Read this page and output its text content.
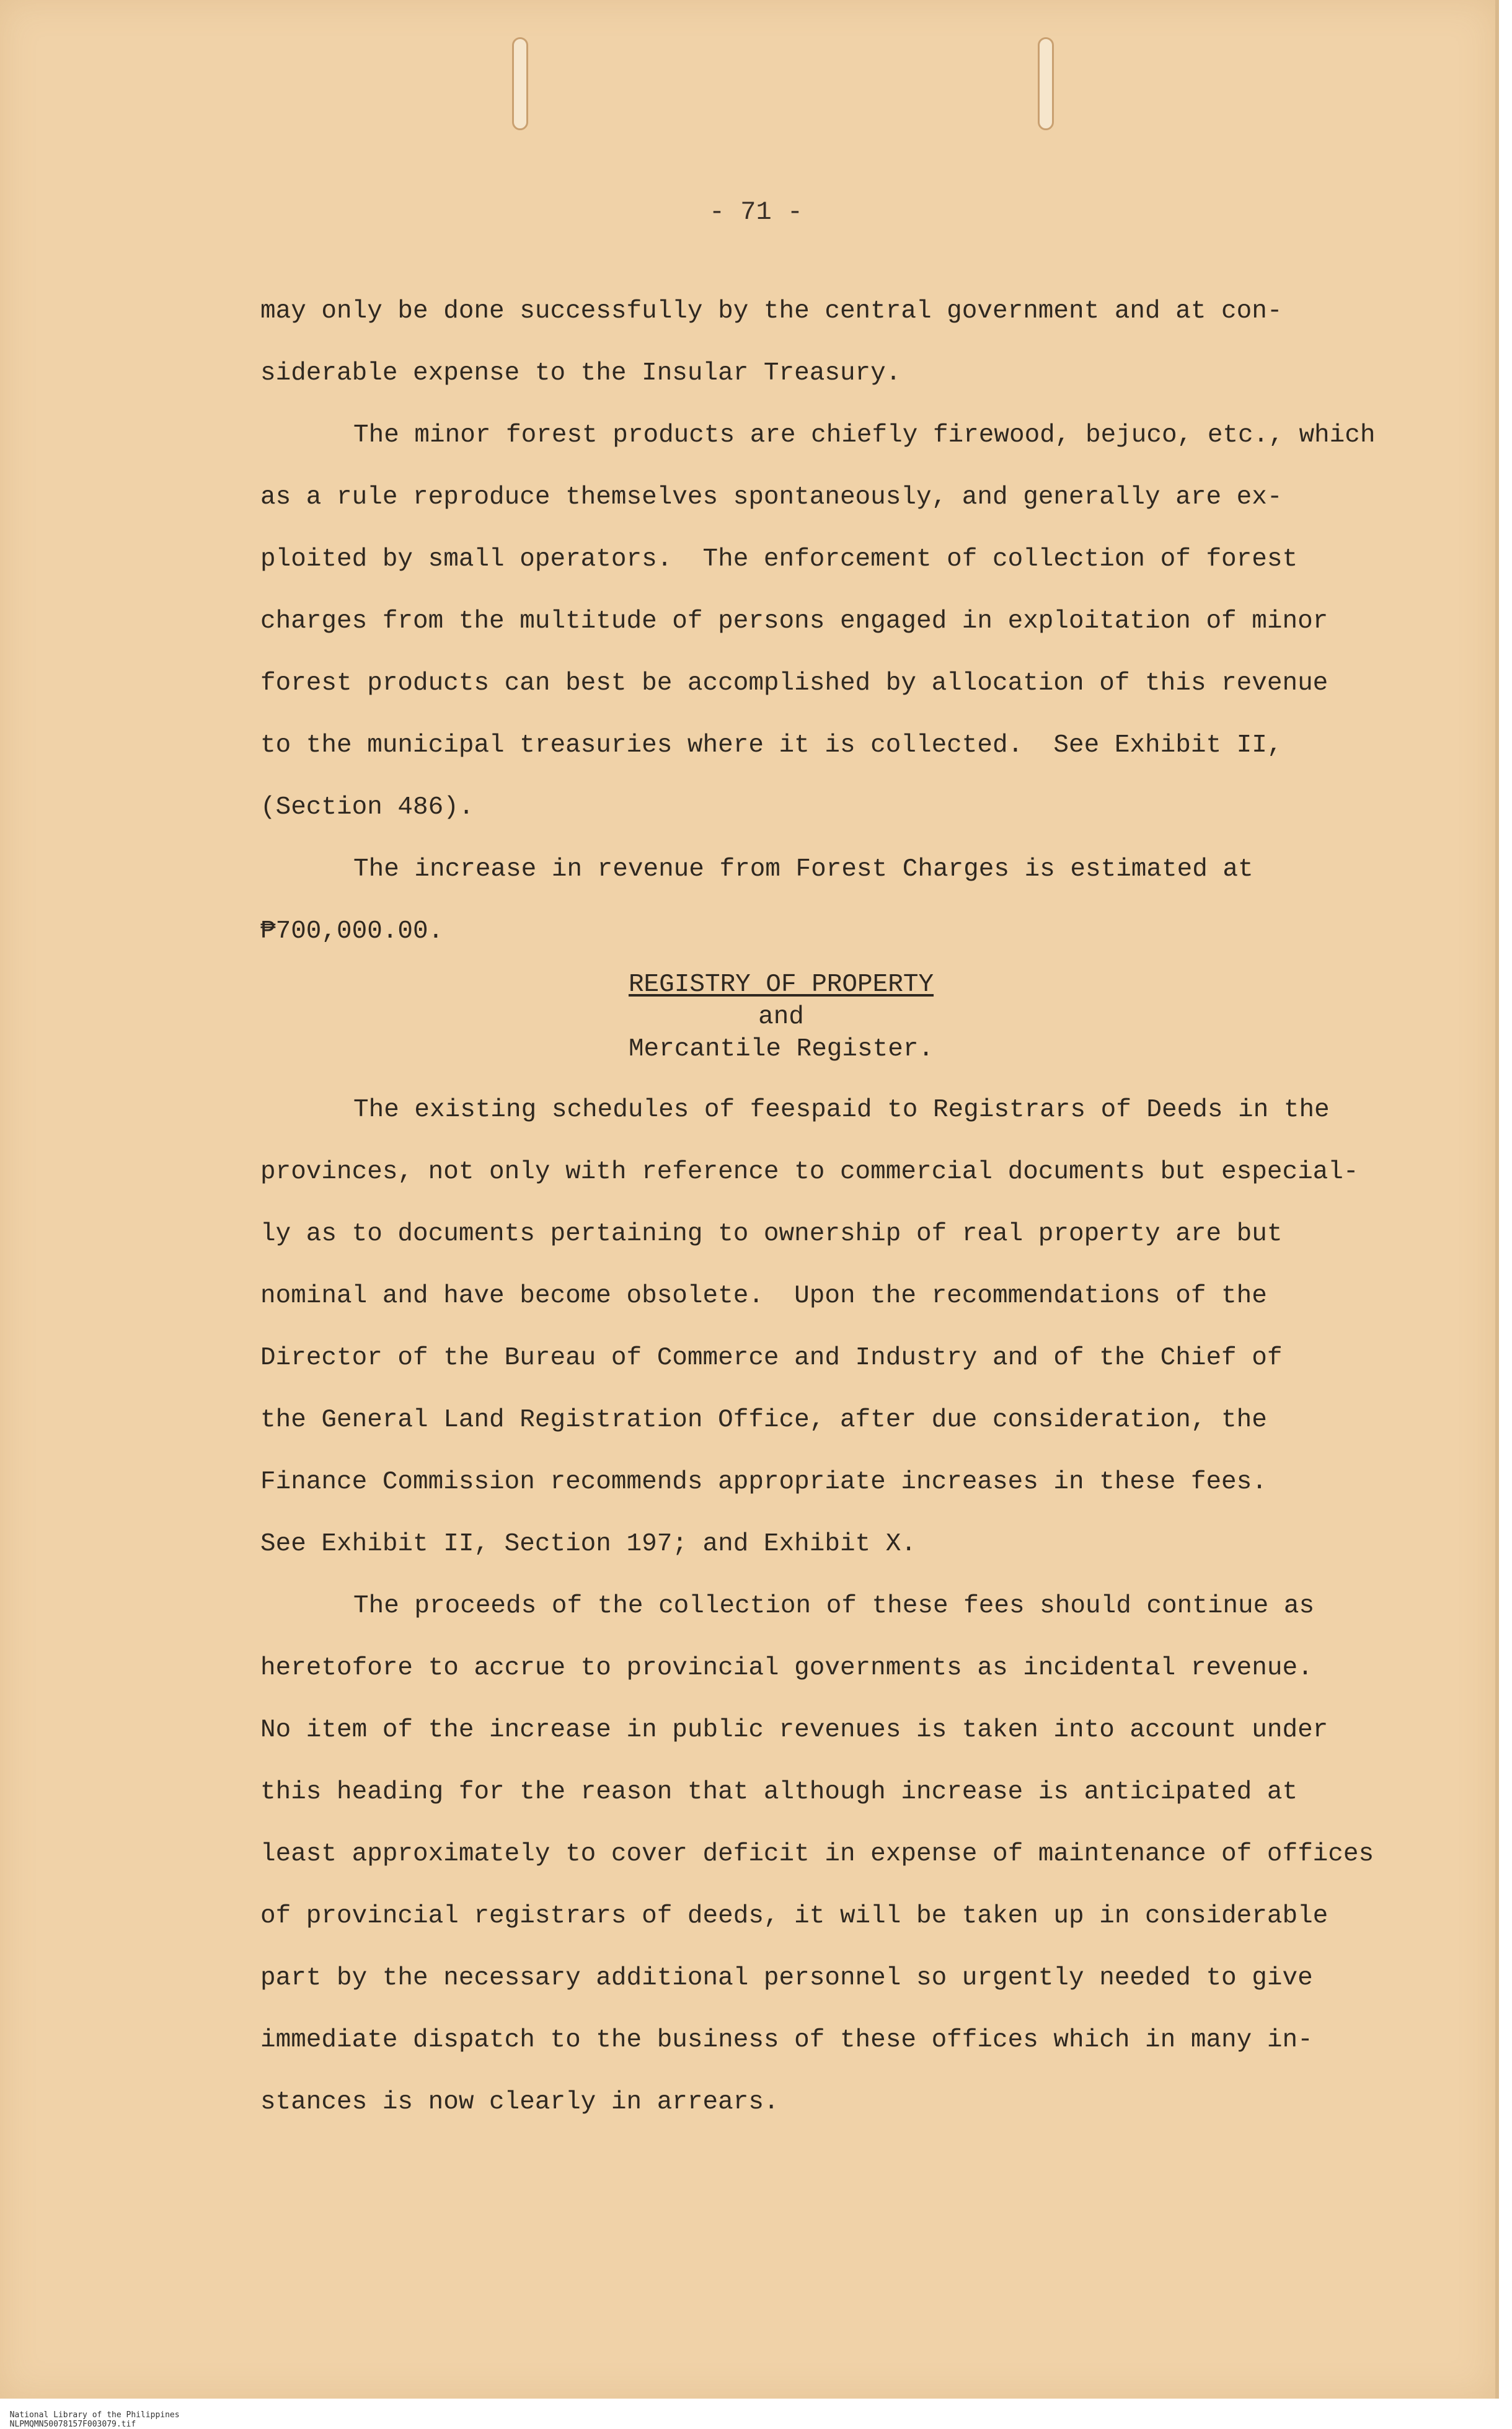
- 71 -

may only be done successfully by the central government and at con-

siderable expense to the Insular Treasury.

The minor forest products are chiefly firewood, bejuco, etc., which

as a rule reproduce themselves spontaneously, and generally are ex-

ploited by small operators.  The enforcement of collection of forest

charges from the multitude of persons engaged in exploitation of minor

forest products can best be accomplished by allocation of this revenue

to the municipal treasuries where it is collected.  See Exhibit II,

(Section 486).

The increase in revenue from Forest Charges is estimated at

₱700,000.00.

REGISTRY OF PROPERTY

and

Mercantile Register.

The existing schedules of feespaid to Registrars of Deeds in the

provinces, not only with reference to commercial documents but especial-

ly as to documents pertaining to ownership of real property are but

nominal and have become obsolete.  Upon the recommendations of the

Director of the Bureau of Commerce and Industry and of the Chief of

the General Land Registration Office, after due consideration, the

Finance Commission recommends appropriate increases in these fees.

See Exhibit II, Section 197; and Exhibit X.

The proceeds of the collection of these fees should continue as

heretofore to accrue to provincial governments as incidental revenue.

No item of the increase in public revenues is taken into account under

this heading for the reason that although increase is anticipated at

least approximately to cover deficit in expense of maintenance of offices

of provincial registrars of deeds, it will be taken up in considerable

part by the necessary additional personnel so urgently needed to give

immediate dispatch to the business of these offices which in many in-

stances is now clearly in arrears.

National Library of the Philippines
NLPMQMN50078157F003079.tif
